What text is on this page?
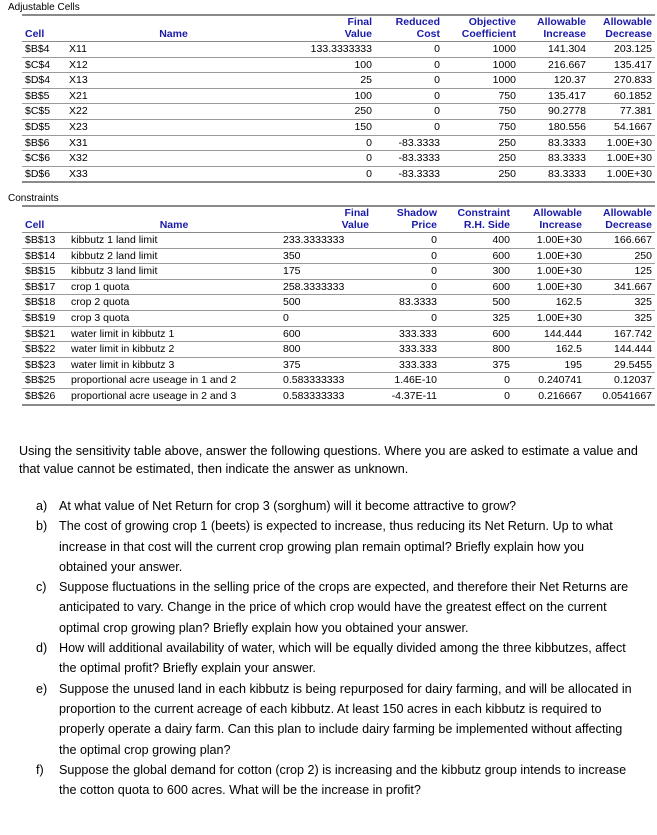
Adjustable Cells

		Final	Reduced	Objective	Allowable	Allowable
Cell	Name	Value	Cost	Coefficient	Increase	Decrease
$B$4	X11	133.3333333	0	1000	141.304	203.125
$C$4	X12	100	0	1000	216.667	135.417
$D$4	X13	25	0	1000	120.37	270.833
$B$5	X21	100	0	750	135.417	60.1852
$C$5	X22	250	0	750	90.2778	77.381
$D$5	X23	150	0	750	180.556	54.1667
$B$6	X31	0	-83.3333	250	83.3333	1.00E+30
$C$6	X32	0	-83.3333	250	83.3333	1.00E+30
$D$6	X33	0	-83.3333	250	83.3333	1.00E+30

Constraints

		Final	Shadow	Constraint	Allowable	Allowable
Cell	Name	Value	Price	R.H. Side	Increase	Decrease
$B$13	kibbutz 1 land limit	233.3333333	0	400	1.00E+30	166.667
$B$14	kibbutz 2 land limit	350	0	600	1.00E+30	250
$B$15	kibbutz 3 land limit	175	0	300	1.00E+30	125
$B$17	crop 1 quota	258.3333333	0	600	1.00E+30	341.667
$B$18	crop 2 quota	500	83.3333	500	162.5	325
$B$19	crop 3 quota	0	0	325	1.00E+30	325
$B$21	water limit in kibbutz 1	600	333.333	600	144.444	167.742
$B$22	water limit in kibbutz 2	800	333.333	800	162.5	144.444
$B$23	water limit in kibbutz 3	375	333.333	375	195	29.5455
$B$25	proportional acre useage in 1 and 2	0.583333333	1.46E-10	0	0.240741	0.12037
$B$26	proportional acre useage in 2 and 3	0.583333333	-4.37E-11	0	0.216667	0.0541667

Using the sensitivity table above, answer the following questions. Where you are asked to estimate a value and that value cannot be estimated, then indicate the answer as unknown.

a) At what value of Net Return for crop 3 (sorghum) will it become attractive to grow?
b) The cost of growing crop 1 (beets) is expected to increase, thus reducing its Net Return. Up to what increase in that cost will the current crop growing plan remain optimal? Briefly explain how you obtained your answer.
c) Suppose fluctuations in the selling price of the crops are expected, and therefore their Net Returns are anticipated to vary. Change in the price of which crop would have the greatest effect on the current optimal crop growing plan? Briefly explain how you obtained your answer.
d) How will additional availability of water, which will be equally divided among the three kibbutzes, affect the optimal profit? Briefly explain your answer.
e) Suppose the unused land in each kibbutz is being repurposed for dairy farming, and will be allocated in proportion to the current acreage of each kibbutz. At least 150 acres in each kibbutz is required to properly operate a dairy farm. Can this plan to include dairy farming be implemented without affecting the optimal crop growing plan?
f)	Suppose the global demand for cotton (crop 2) is increasing and the kibbutz group intends to increase the cotton quota to 600 acres. What will be the increase in profit?
